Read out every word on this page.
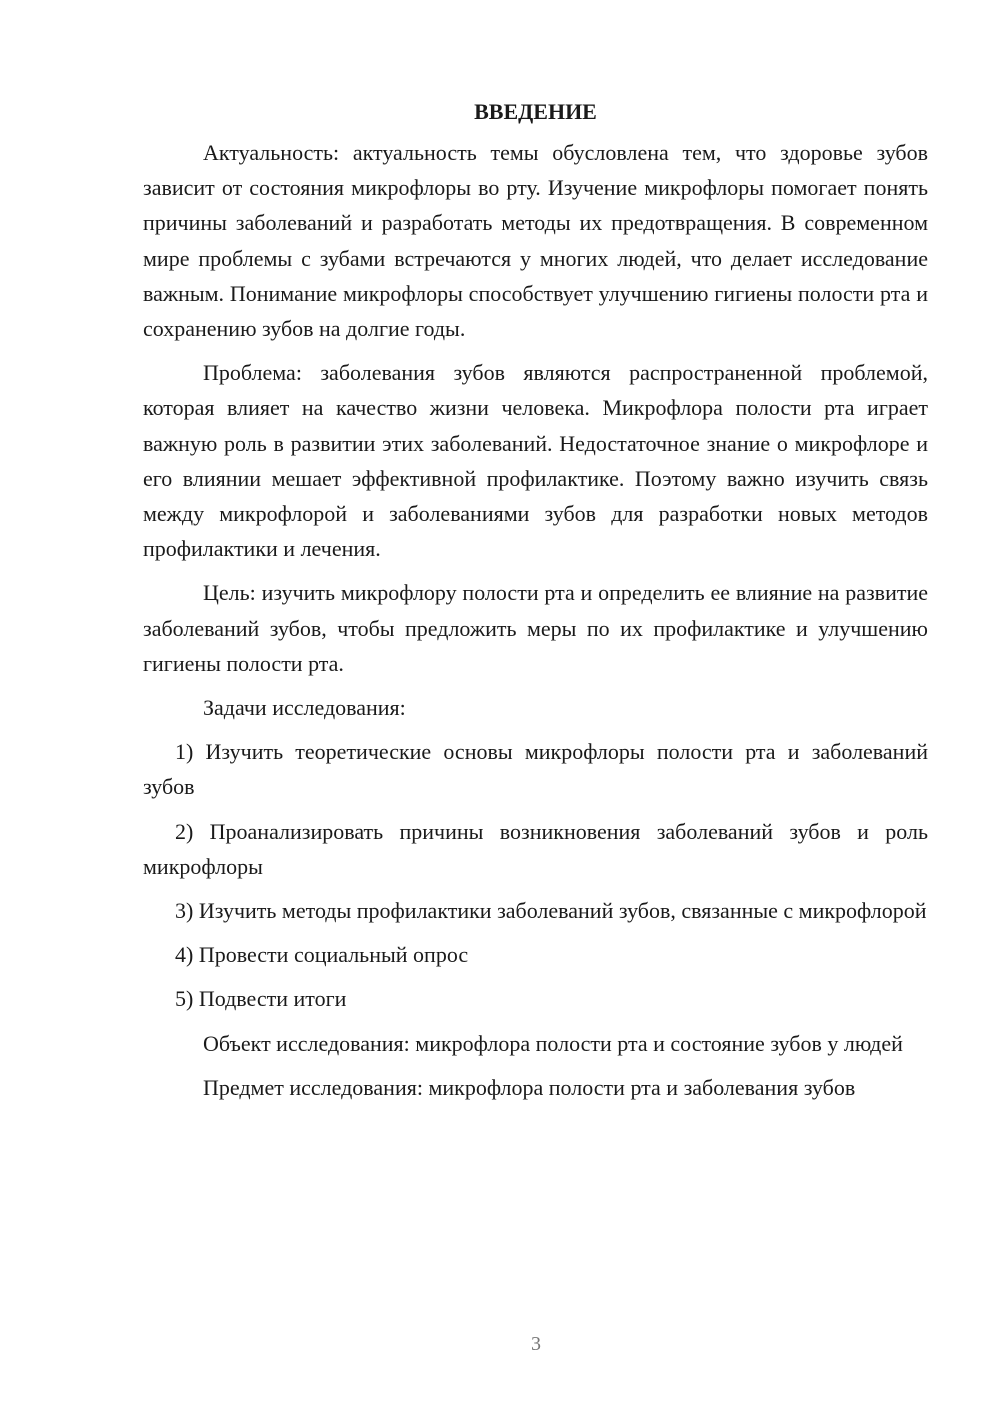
ВВЕДЕНИЕ

Актуальность: актуальность темы обусловлена тем, что здоровье зубов зависит от состояния микрофлоры во рту. Изучение микрофлоры помогает понять причины заболеваний и разработать методы их предотвращения. В современном мире проблемы с зубами встречаются у многих людей, что делает исследование важным. Понимание микрофлоры способствует улучшению гигиены полости рта и сохранению зубов на долгие годы.

Проблема: заболевания зубов являются распространенной проблемой, которая влияет на качество жизни человека. Микрофлора полости рта играет важную роль в развитии этих заболеваний. Недостаточное знание о микрофлоре и его влиянии мешает эффективной профилактике. Поэтому важно изучить связь между микрофлорой и заболеваниями зубов для разработки новых методов профилактики и лечения.

Цель: изучить микрофлору полости рта и определить ее влияние на развитие заболеваний зубов, чтобы предложить меры по их профилактике и улучшению гигиены полости рта.

Задачи исследования:

1) Изучить теоретические основы микрофлоры полости рта и заболеваний зубов

2) Проанализировать причины возникновения заболеваний зубов и роль микрофлоры

3) Изучить методы профилактики заболеваний зубов, связанные с микрофлорой

4) Провести социальный опрос

5) Подвести итоги

Объект исследования: микрофлора полости рта и состояние зубов у людей

Предмет исследования: микрофлора полости рта и заболевания зубов

3
